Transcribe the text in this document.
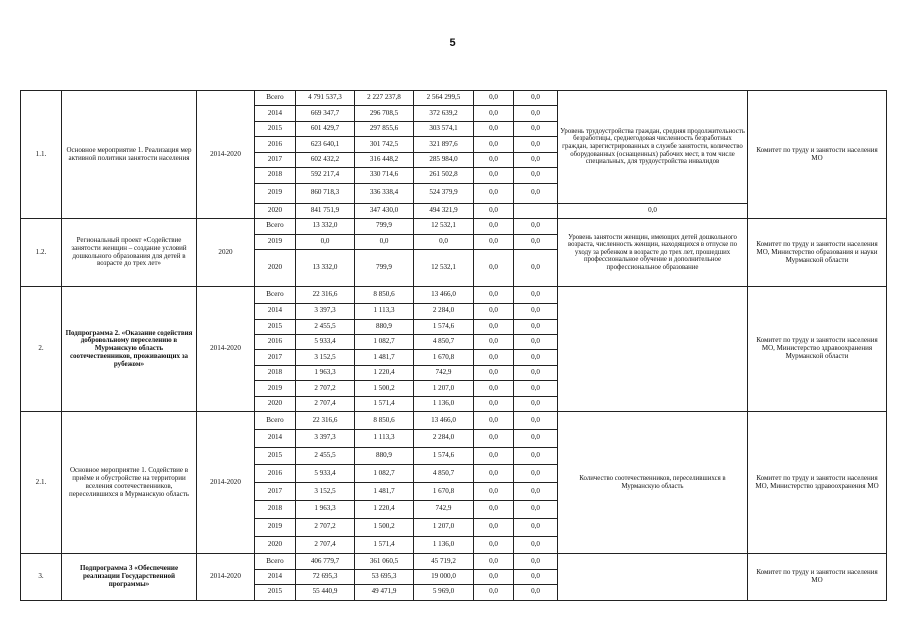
5
1.1.	Основное мероприятие 1. Реализация мер активной политики занятости населения	2014-2020	Всего	4 791 537,3	2 227 237,8	2 564 299,5	0,0	0,0	Уровень трудоустройства граждан, средняя продолжительность безработицы, среднегодовая численность безработных граждан, зарегистрированных в службе занятости, количество оборудованных (оснащенных) рабочих мест, в том числе специальных, для трудоустройства инвалидов	Комитет по труду и занятости населения МО
			2014	669 347,7	296 708,5	372 639,2	0,0	0,0		
			2015	601 429,7	297 855,6	303 574,1	0,0	0,0		
			2016	623 640,1	301 742,5	321 897,6	0,0	0,0		
			2017	602 432,2	316 448,2	285 984,0	0,0	0,0		
			2018	592 217,4	330 714,6	261 502,8	0,0	0,0		
			2019	860 718,3	336 338,4	524 379,9	0,0	0,0		
			2020	841 751,9	347 430,0	494 321,9	0,0		0,0	
1.2.	Региональный проект «Содействие занятости женщин – создание условий дошкольного образования для детей в возрасте до трех лет»	2020	Всего	13 332,0	799,9	12 532,1	0,0	0,0	Уровень занятости женщин, имеющих детей дошкольного возраста, численность женщин, находящихся в отпуске по уходу за ребенком в возрасте до трех лет, прошедших профессиональное обучение и дополнительное профессиональное образование	Комитет по труду и занятости населения МО, Министерство образования и науки Мурманской области
			2019	0,0	0,0	0,0	0,0	0,0		
			2020	13 332,0	799,9	12 532,1	0,0	0,0		
2.	Подпрограмма 2. «Оказание содействия добровольному переселению в Мурманскую область соотечественников, проживающих за рубежом»	2014-2020	Всего	22 316,6	8 850,6	13 466,0	0,0	0,0		Комитет по труду и занятости населения МО, Министерство здравоохранения Мурманской области
			2014	3 397,3	1 113,3	2 284,0	0,0	0,0		
			2015	2 455,5	880,9	1 574,6	0,0	0,0		
			2016	5 933,4	1 082,7	4 850,7	0,0	0,0		
			2017	3 152,5	1 481,7	1 670,8	0,0	0,0		
			2018	1 963,3	1 220,4	742,9	0,0	0,0		
			2019	2 707,2	1 500,2	1 207,0	0,0	0,0		
			2020	2 707,4	1 571,4	1 136,0	0,0	0,0		
2.1.	Основное мероприятие 1. Содействие в приёме и обустройстве на территории вселения соотечественников, переселившихся в Мурманскую область	2014-2020	Всего	22 316,6	8 850,6	13 466,0	0,0	0,0	Количество соотечественников, переселившихся в Мурманскую область	Комитет по труду и занятости населения МО, Министерство здравоохранения МО
			2014	3 397,3	1 113,3	2 284,0	0,0	0,0		
			2015	2 455,5	880,9	1 574,6	0,0	0,0		
			2016	5 933,4	1 082,7	4 850,7	0,0	0,0		
			2017	3 152,5	1 481,7	1 670,8	0,0	0,0		
			2018	1 963,3	1 220,4	742,9	0,0	0,0		
			2019	2 707,2	1 500,2	1 207,0	0,0	0,0		
			2020	2 707,4	1 571,4	1 136,0	0,0	0,0		
3.	Подпрограмма 3 «Обеспечение реализации Государственной программы»	2014-2020	Всего	406 779,7	361 060,5	45 719,2	0,0	0,0		Комитет по труду и занятости населения МО
			2014	72 695,3	53 695,3	19 000,0	0,0	0,0		
			2015	55 440,9	49 471,9	5 969,0	0,0	0,0		
